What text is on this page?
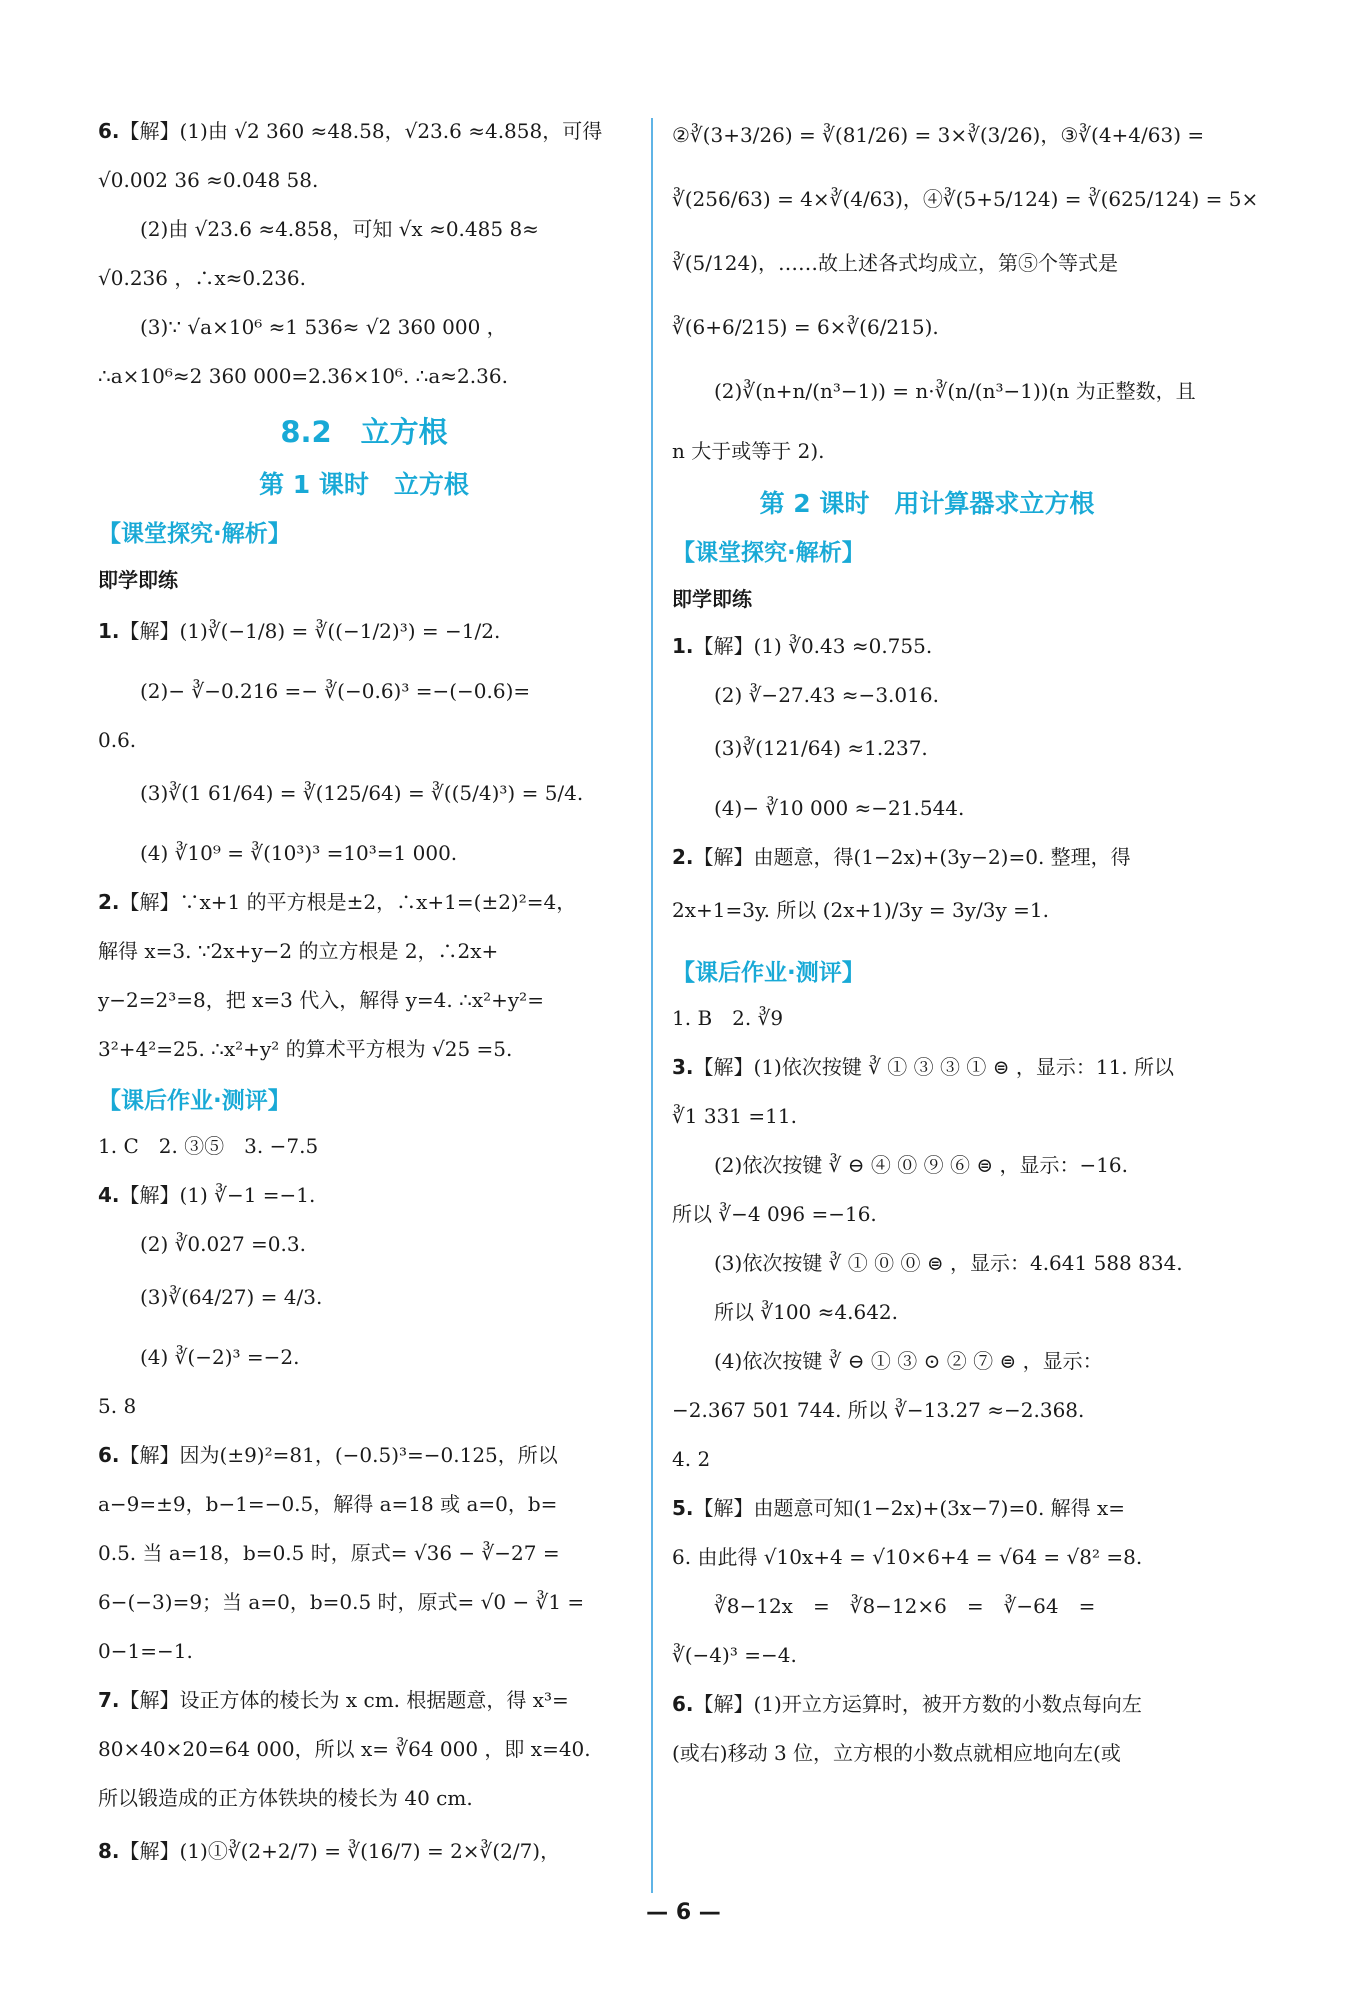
6.【解】(1)由 √2 360 ≈48.58，√23.6 ≈4.858，可得
√0.002 36 ≈0.048 58.
(2)由 √23.6 ≈4.858，可知 √x ≈0.485 8≈
√0.236 ，∴x≈0.236.
(3)∵ √a×10⁶ ≈1 536≈ √2 360 000 ，
∴a×10⁶≈2 360 000=2.36×10⁶. ∴a≈2.36.
8.2　立方根
第 1 课时　立方根
【课堂探究·解析】
即学即练
1.【解】(1)∛(−1/8) = ∛((−1/2)³) = −1/2.
(2)− ∛−0.216 =− ∛(−0.6)³ =−(−0.6)=
0.6.
(3)∛(1 61/64) = ∛(125/64) = ∛((5/4)³) = 5/4.
(4) ∛10⁹ = ∛(10³)³ =10³=1 000.
2.【解】∵x+1 的平方根是±2，∴x+1=(±2)²=4，
解得 x=3. ∵2x+y−2 的立方根是 2，∴2x+
y−2=2³=8，把 x=3 代入，解得 y=4. ∴x²+y²=
3²+4²=25. ∴x²+y² 的算术平方根为 √25 =5.
【课后作业·测评】
1. C　2. ③⑤　3. −7.5
4.【解】(1) ∛−1 =−1.
(2) ∛0.027 =0.3.
(3)∛(64/27) = 4/3.
(4) ∛(−2)³ =−2.
5. 8
6.【解】因为(±9)²=81，(−0.5)³=−0.125，所以
a−9=±9，b−1=−0.5，解得 a=18 或 a=0，b=
0.5. 当 a=18，b=0.5 时，原式= √36 − ∛−27 =
6−(−3)=9；当 a=0，b=0.5 时，原式= √0 − ∛1 =
0−1=−1.
7.【解】设正方体的棱长为 x cm. 根据题意，得 x³=
80×40×20=64 000，所以 x= ∛64 000 ，即 x=40.
所以锻造成的正方体铁块的棱长为 40 cm.
8.【解】(1)①∛(2+2/7) = ∛(16/7) = 2×∛(2/7)，
②∛(3+3/26) = ∛(81/26) = 3×∛(3/26)，③∛(4+4/63) =
∛(256/63) = 4×∛(4/63)，④∛(5+5/124) = ∛(625/124) = 5×
∛(5/124)，……故上述各式均成立，第⑤个等式是
∛(6+6/215) = 6×∛(6/215).
(2)∛(n+n/(n³−1)) = n·∛(n/(n³−1))(n 为正整数，且
n 大于或等于 2).
第 2 课时　用计算器求立方根
【课堂探究·解析】
即学即练
1.【解】(1) ∛0.43 ≈0.755.
(2) ∛−27.43 ≈−3.016.
(3)∛(121/64) ≈1.237.
(4)− ∛10 000 ≈−21.544.
2.【解】由题意，得(1−2x)+(3y−2)=0. 整理，得
2x+1=3y. 所以 (2x+1)/3y = 3y/3y =1.
【课后作业·测评】
1. B　2. ∛9
3.【解】(1)依次按键 ∛ ① ③ ③ ① ⊜ ，显示：11. 所以
∛1 331 =11.
(2)依次按键 ∛ ⊖ ④ ⓪ ⑨ ⑥ ⊜ ，显示：−16.
所以 ∛−4 096 =−16.
(3)依次按键 ∛ ① ⓪ ⓪ ⊜ ，显示：4.641 588 834.
所以 ∛100 ≈4.642.
(4)依次按键 ∛ ⊖ ① ③ ⊙ ② ⑦ ⊜ ，显示：
−2.367 501 744. 所以 ∛−13.27 ≈−2.368.
4. 2
5.【解】由题意可知(1−2x)+(3x−7)=0. 解得 x=
6. 由此得 √10x+4 = √10×6+4 = √64 = √8² =8.
∛8−12x　=　∛8−12×6　=　∛−64　=
∛(−4)³ =−4.
6.【解】(1)开立方运算时，被开方数的小数点每向左
(或右)移动 3 位，立方根的小数点就相应地向左(或
— 6 —
